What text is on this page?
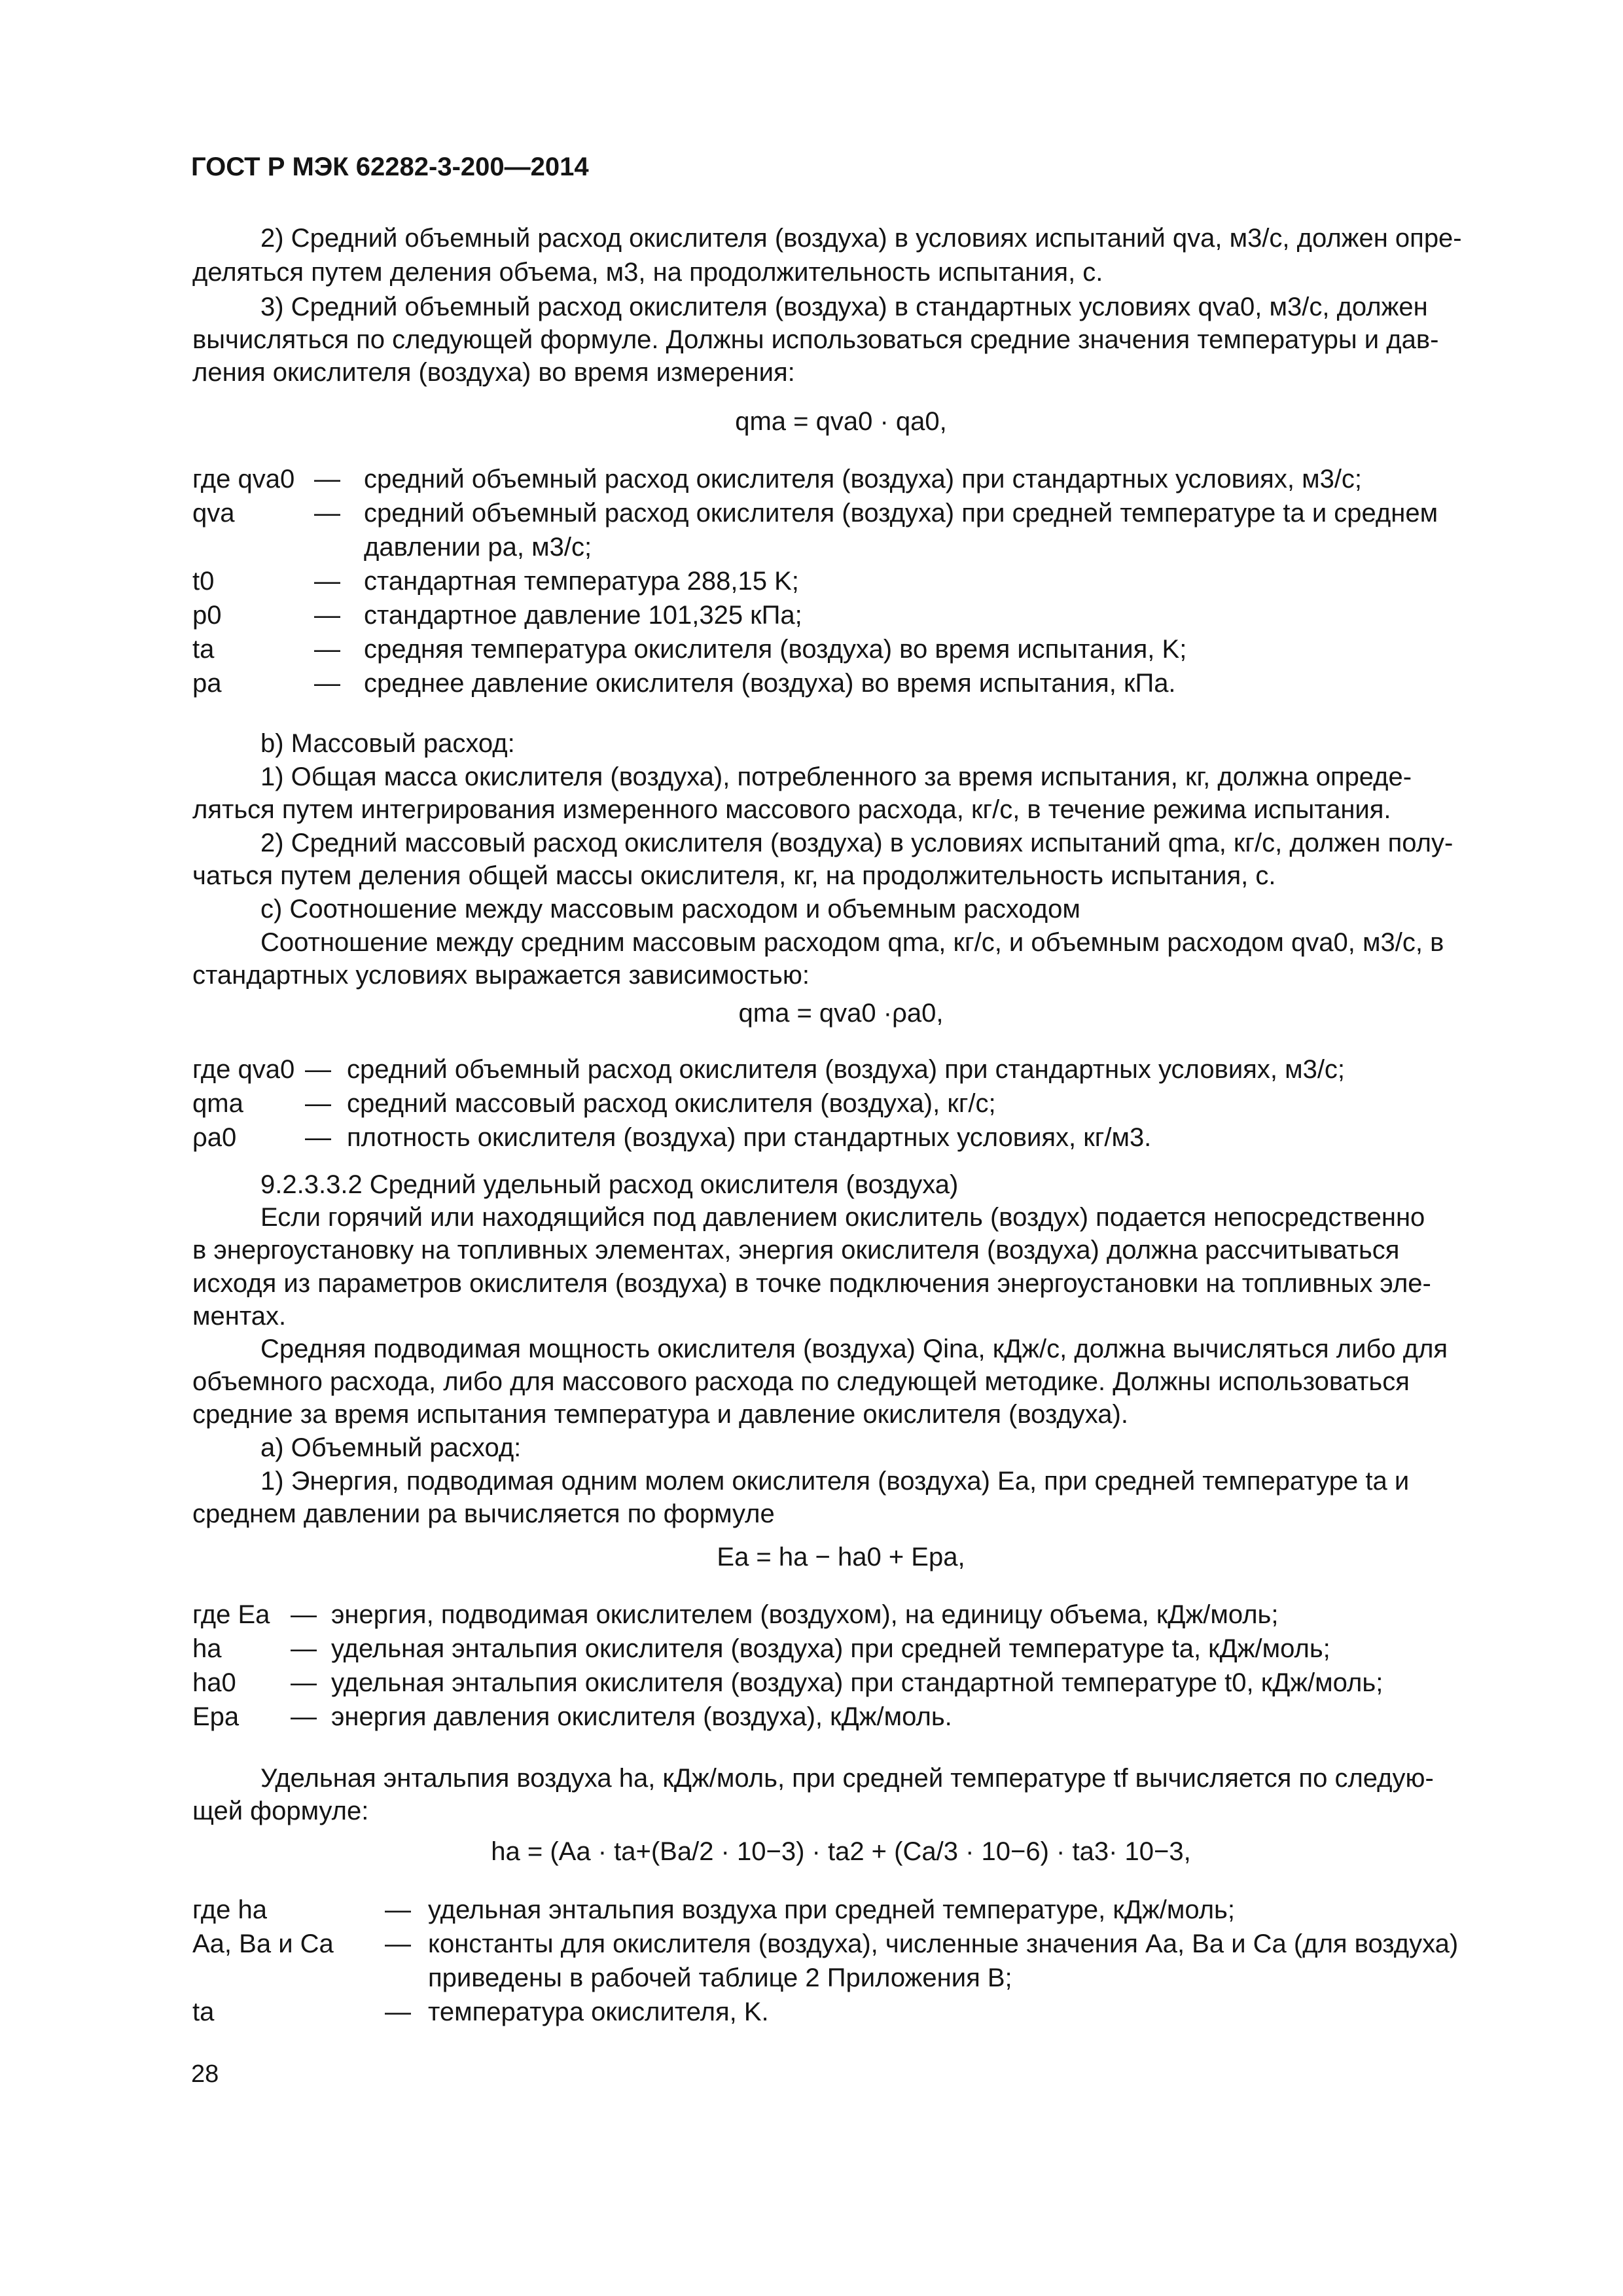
ГОСТ Р МЭК 62282-3-200—2014
2) Средний объемный расход окислителя (воздуха) в условиях испытаний qva, м3/с, должен опре-
деляться путем деления объема, м3, на продолжительность испытания, с.
3) Средний объемный расход окислителя (воздуха) в стандартных условиях qva0, м3/с, должен
вычисляться по следующей формуле. Должны использоваться средние значения температуры и дав-
ления окислителя (воздуха) во время измерения:
b) Массовый расход:
1) Общая масса окислителя (воздуха), потребленного за время испытания, кг, должна опреде-
ляться путем интегрирования измеренного массового расхода, кг/с, в течение режима испытания.
2) Средний массовый расход окислителя (воздуха) в условиях испытаний qma, кг/с, должен полу-
чаться путем деления общей массы окислителя, кг, на продолжительность испытания, с.
c) Соотношение между массовым расходом и объемным расходом
Соотношение между средним массовым расходом qma, кг/с, и объемным расходом qva0, м3/с, в
стандартных условиях выражается зависимостью:
9.2.3.3.2 Средний удельный расход окислителя (воздуха)
Если горячий или находящийся под давлением окислитель (воздух) подается непосредственно
в энергоустановку на топливных элементах, энергия окислителя (воздуха) должна рассчитываться
исходя из параметров окислителя (воздуха) в точке подключения энергоустановки на топливных эле-
ментах.
Средняя подводимая мощность окислителя (воздуха) Qina, кДж/с, должна вычисляться либо для
объемного расхода, либо для массового расхода по следующей методике. Должны использоваться
средние за время испытания температура и давление окислителя (воздуха).
a) Объемный расход:
1) Энергия, подводимая одним молем окислителя (воздуха) Ea, при средней температуре ta и
среднем давлении pa вычисляется по формуле
Удельная энтальпия воздуха ha, кДж/моль, при средней температуре tf вычисляется по следую-
щей формуле:
qma = qva0 · qa0,
qma = qva0 ·ρa0,
Ea = ha − ha0 + Epa,
ha = (Aa · ta+(Ba/2 · 10−3) · ta2 + (Ca/3 · 10−6) · ta3· 10−3,
где qva0 — средний объемный расход окислителя (воздуха) при стандартных условиях, м3/с;
qva	— средний объемный расход окислителя (воздуха) при средней температуре ta и среднем
давлении pa, м3/с;
t0	— стандартная температура 288,15 K;
p0	— стандартное давление 101,325 кПа;
ta	— средняя температура окислителя (воздуха) во время испытания, K;
pa	— среднее давление окислителя (воздуха) во время испытания, кПа.
где qva0 — средний объемный расход окислителя (воздуха) при стандартных условиях, м3/с;
qma — средний массовый расход окислителя (воздуха), кг/с;
ρa0	— плотность окислителя (воздуха) при стандартных условиях, кг/м3.
где Ea — энергия, подводимая окислителем (воздухом), на единицу объема, кДж/моль;
ha	— удельная энтальпия окислителя (воздуха) при средней температуре ta, кДж/моль;
ha0 — удельная энтальпия окислителя (воздуха) при стандартной температуре t0, кДж/моль;
Epa — энергия давления окислителя (воздуха), кДж/моль.
где ha	— удельная энтальпия воздуха при средней температуре, кДж/моль;
Aa, Ba и Ca — константы для окислителя (воздуха), численные значения Aa, Ba и Ca (для воздуха)
приведены в рабочей таблице 2 Приложения В;
ta	— температура окислителя, K.
28
